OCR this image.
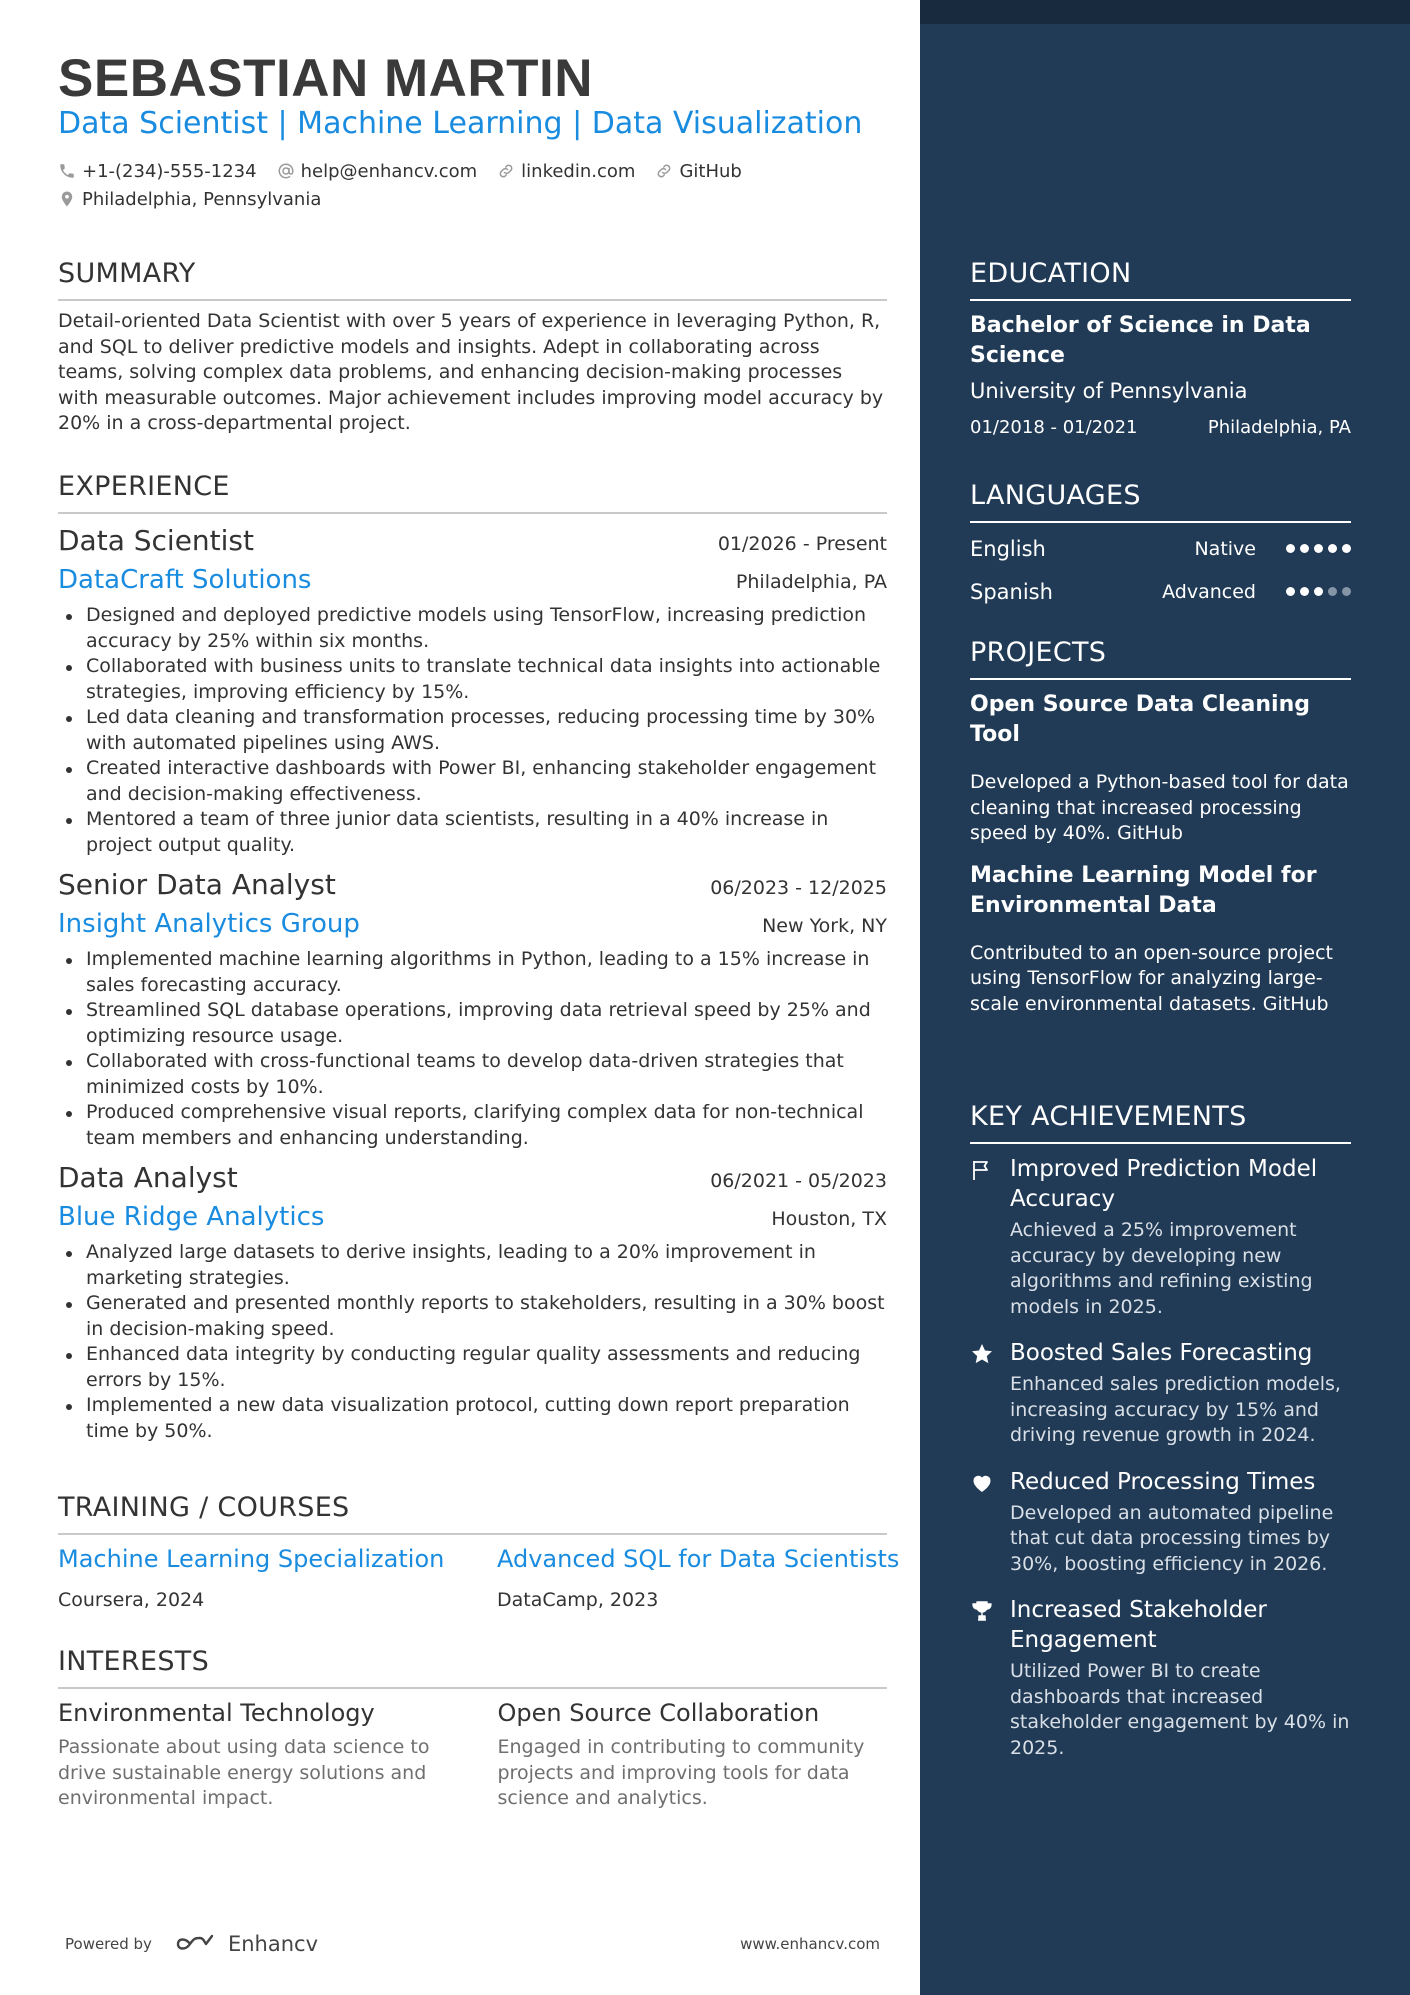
SEBASTIAN MARTIN
Data Scientist | Machine Learning | Data Visualization
+1-(234)-555-1234 help@enhancv.com linkedin.com GitHub
Philadelphia, Pennsylvania
SUMMARY

Detail-oriented Data Scientist with over 5 years of experience in leveraging Python, R, and SQL to deliver predictive models and insights. Adept in collaborating across teams, solving complex data problems, and enhancing decision-making processes with measurable outcomes. Major achievement includes improving model accuracy by 20% in a cross-departmental project.

EXPERIENCE
Data Scientist	01/2026 - Present
DataCraft Solutions	Philadelphia, PA
Designed and deployed predictive models using TensorFlow, increasing prediction accuracy by 25% within six months.
Collaborated with business units to translate technical data insights into actionable strategies, improving efficiency by 15%.
Led data cleaning and transformation processes, reducing processing time by 30% with automated pipelines using AWS.
Created interactive dashboards with Power BI, enhancing stakeholder engagement and decision-making effectiveness.
Mentored a team of three junior data scientists, resulting in a 40% increase in project output quality.
Senior Data Analyst	06/2023 - 12/2025
Insight Analytics Group	New York, NY
Implemented machine learning algorithms in Python, leading to a 15% increase in sales forecasting accuracy.
Streamlined SQL database operations, improving data retrieval speed by 25% and optimizing resource usage.
Collaborated with cross-functional teams to develop data-driven strategies that minimized costs by 10%.
Produced comprehensive visual reports, clarifying complex data for non-technical team members and enhancing understanding.
Data Analyst	06/2021 - 05/2023
Blue Ridge Analytics	Houston, TX
Analyzed large datasets to derive insights, leading to a 20% improvement in marketing strategies.
Generated and presented monthly reports to stakeholders, resulting in a 30% boost in decision-making speed.
Enhanced data integrity by conducting regular quality assessments and reducing errors by 15%.
Implemented a new data visualization protocol, cutting down report preparation time by 50%.
TRAINING / COURSES
Machine Learning Specialization
Coursera, 2024
Advanced SQL for Data Scientists
DataCamp, 2023
INTERESTS
Environmental Technology
Passionate about using data science to drive sustainable energy solutions and environmental impact.
Open Source Collaboration
Engaged in contributing to community projects and improving tools for data science and analytics.
Powered by	Enhancv	www.enhancv.com
EDUCATION
Bachelor of Science in Data Science
University of Pennsylvania
01/2018 - 01/2021	Philadelphia, PA
LANGUAGES
English	Native
Spanish	Advanced
PROJECTS
Open Source Data Cleaning Tool
Developed a Python-based tool for data cleaning that increased processing speed by 40%. GitHub
Machine Learning Model for Environmental Data
Contributed to an open-source project using TensorFlow for analyzing large-scale environmental datasets. GitHub
KEY ACHIEVEMENTS
Improved Prediction Model Accuracy
Achieved a 25% improvement accuracy by developing new algorithms and refining existing models in 2025.
Boosted Sales Forecasting
Enhanced sales prediction models, increasing accuracy by 15% and driving revenue growth in 2024.
Reduced Processing Times
Developed an automated pipeline that cut data processing times by 30%, boosting efficiency in 2026.
Increased Stakeholder Engagement
Utilized Power BI to create dashboards that increased stakeholder engagement by 40% in 2025.
